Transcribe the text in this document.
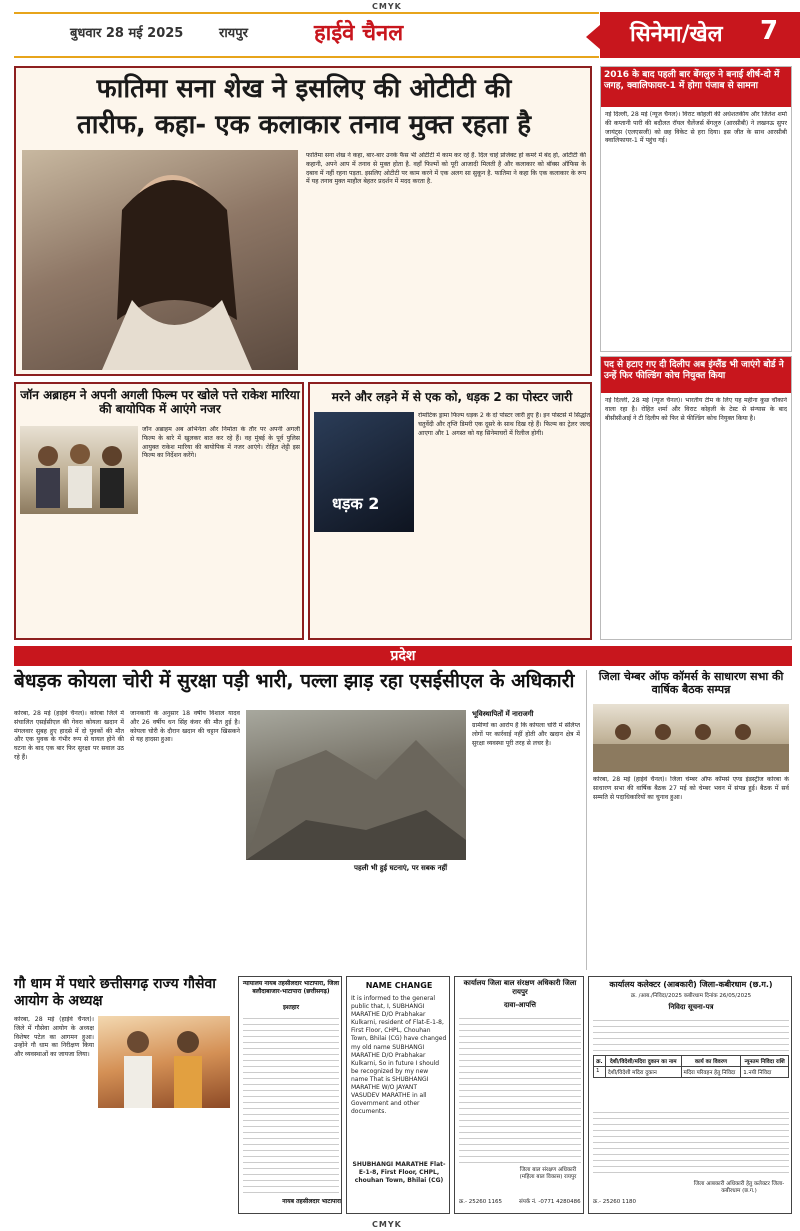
CMYK
बुधवार 28 मई 2025	रायपुर	हाईवे चैनल	सिनेमा/खेल 7
फातिमा सना शेख ने इसलिए की ओटीटी की
तारीफ, कहा- एक कलाकार तनाव मुक्त रहता है
फातिमा सना शेख ने कहा, बार-बार उनके फैंस भी ओटीटी में काम कर रहे हैं. दिल चाहे प्रोजेक्ट हो कमरे में बंद हो, ओटीटी की कहानी, अपने आप में तनाव से मुक्त होता है. वहाँ फिल्मों को पूरी आजादी मिलती है और कलाकार को बॉक्स ऑफिस के दबाव में नहीं रहना पड़ता. इसलिए ओटीटी पर काम करने में एक अलग सा सुकून है. फातिमा ने कहा कि एक कलाकार के रूप में यह तनाव मुक्त माहौल बेहतर प्रदर्शन में मदद करता है.
2016 के बाद पहली बार बेंगलुरु ने बनाई शीर्ष-दो में जगह, क्वालिफायर-1 में होगा पंजाब से सामना
नई दिल्ली, 28 मई (न्यूज चैनल)। विराट कोहली की अर्धशतकीय और जितेश शर्मा की कप्तानी पारी की बदौलत रॉयल चैलेंजर्स बेंगलुरु (आरसीबी) ने लखनऊ सुपर जायंट्स (एलएसजी) को छह विकेट से हरा दिया। इस जीत के साथ आरसीबी क्वालिफायर-1 में पहुंच गई।
पद से हटाए गए दी दिलीप अब इंग्लैंड भी जाएंगे बोर्ड ने उन्हें फिर फील्डिंग कोच नियुक्त किया
नई दिल्ली, 28 मई (न्यूज चैनल)। भारतीय टीम के लिए यह महीना कुछ चौंकाने वाला रहा है। रोहित शर्मा और विराट कोहली के टेस्ट से संन्यास के बाद बीसीसीआई ने टी दिलीप को फिर से फील्डिंग कोच नियुक्त किया है।
जॉन अब्राहम ने अपनी अगली फिल्म पर खोले पत्ते राकेश मारिया की बायोपिक में आएंगे नजर
जॉन अब्राहम अब अभिनेता और निर्माता के तौर पर अपनी अगली फिल्म के बारे में खुलकर बात कर रहे हैं। वह मुंबई के पूर्व पुलिस आयुक्त राकेश मारिया की बायोपिक में नजर आएंगे। रोहित शेट्टी इस फिल्म का निर्देशन करेंगे।
मरने और लड़ने में से एक को, धड़क 2 का पोस्टर जारी
धड़क 2
रोमांटिक ड्रामा फिल्म धड़क 2 के दो पोस्टर जारी हुए हैं। इन पोस्टर्स में सिद्धांत चतुर्वेदी और तृप्ति डिमरी एक दूसरे के साथ दिख रहे हैं। फिल्म का ट्रेलर जल्द आएगा और 1 अगस्त को यह सिनेमाघरों में रिलीज होगी।
प्रदेश
बेधड़क कोयला चोरी में सुरक्षा पड़ी भारी, पल्ला झाड़ रहा एसईसीएल के अधिकारी
कोरबा, 28 मई (हाईवे चैनल)। कोरबा जिले में संचालित एसईसीएल की गेवरा कोयला खदान में मंगलवार सुबह हुए हादसे में दो युवकों की मौत और एक युवक के गंभीर रूप से घायल होने की घटना के बाद एक बार फिर सुरक्षा पर सवाल उठ रहे हैं।
जानकारी के अनुसार 18 वर्षीय विशाल यादव और 26 वर्षीय धन सिंह कंवर की मौत हुई है। कोयला चोरी के दौरान खदान की चट्टान खिसकने से यह हादसा हुआ।
भूविस्थापितों में नाराजगी
ग्रामीणों का आरोप है कि कोयला चोरी में संलिप्त लोगों पर कार्रवाई नहीं होती और खदान क्षेत्र में सुरक्षा व्यवस्था पूरी तरह से लचर है।
पहली भी हुई घटनाएं, पर सबक नहीं
जिला चेम्बर ऑफ कॉमर्स के साधारण सभा की वार्षिक बैठक सम्पन्न
कोरबा, 28 मई (हाईवे चैनल)। जिला चेम्बर ऑफ कॉमर्स एण्ड इंडस्ट्रीज कोरबा के साधारण सभा की वार्षिक बैठक 27 मई को चेम्बर भवन में संपन्न हुई। बैठक में सर्व सम्मति से पदाधिकारियों का चुनाव हुआ।
गौ धाम में पधारे छत्तीसगढ़ राज्य गौसेवा आयोग के अध्यक्ष
कोरबा, 28 मई (हाईवे चैनल)। जिले में गौसेवा आयोग के अध्यक्ष विशेषर पटेल का आगमन हुआ। उन्होंने गौ धाम का निरीक्षण किया और व्यवस्थाओं का जायजा लिया।
न्यायालय नायब तहसीलदार भाटापारा, जिला बलौदाबाजार-भाटापारा (छत्तीसगढ़)
इश्तहार
नायब तहसीलदार भाटापारा
NAME CHANGE
It is informed to the general public that, I, SUBHANGI MARATHE D/O Prabhakar Kulkarni, resident of Flat-E-1-8, First Floor, CHPL, Chouhan Town, Bhilai (CG) have changed my old name SUBHANGI MARATHE D/O Prabhakar Kulkarni, So in future I should be recognized by my new name That is SHUBHANGI MARATHE W/O JAYANT VASUDEV MARATHE in all Government and other documents.
SHUBHANGI MARATHE Flat-E-1-8, First Floor, CHPL, chouhan Town, Bhilai (CG)
कार्यालय जिला बाल संरक्षण अधिकारी जिला रायपुर
दावा-आपत्ति
जिला बाल संरक्षण अधिकारी (महिला बाल विकास) रायपुर
क्र.- 25260 1165	संपर्क नं. -0771 4280486
कार्यालय कलेक्टर (आबकारी) जिला-कबीरधाम (छ.ग.)
क्र. /आब./निविदा/2025 कबीरधाम दिनांक 26/05/2025
निविदा सूचना-पत्र
क्र.	देशी/विदेशी/मदिरा दुकान का नाम	कार्य का विवरण	न्यूनतम निविदा राशि
1	देशी/विदेशी मदिरा दुकान	मदिरा परिवहन हेतु निविदा	1.नयी निविदा
जिला आबकारी अधिकारी हेतु कलेक्टर जिला-कबीरधाम (छ.ग.)
क्र.- 25260 1180
CMYK
